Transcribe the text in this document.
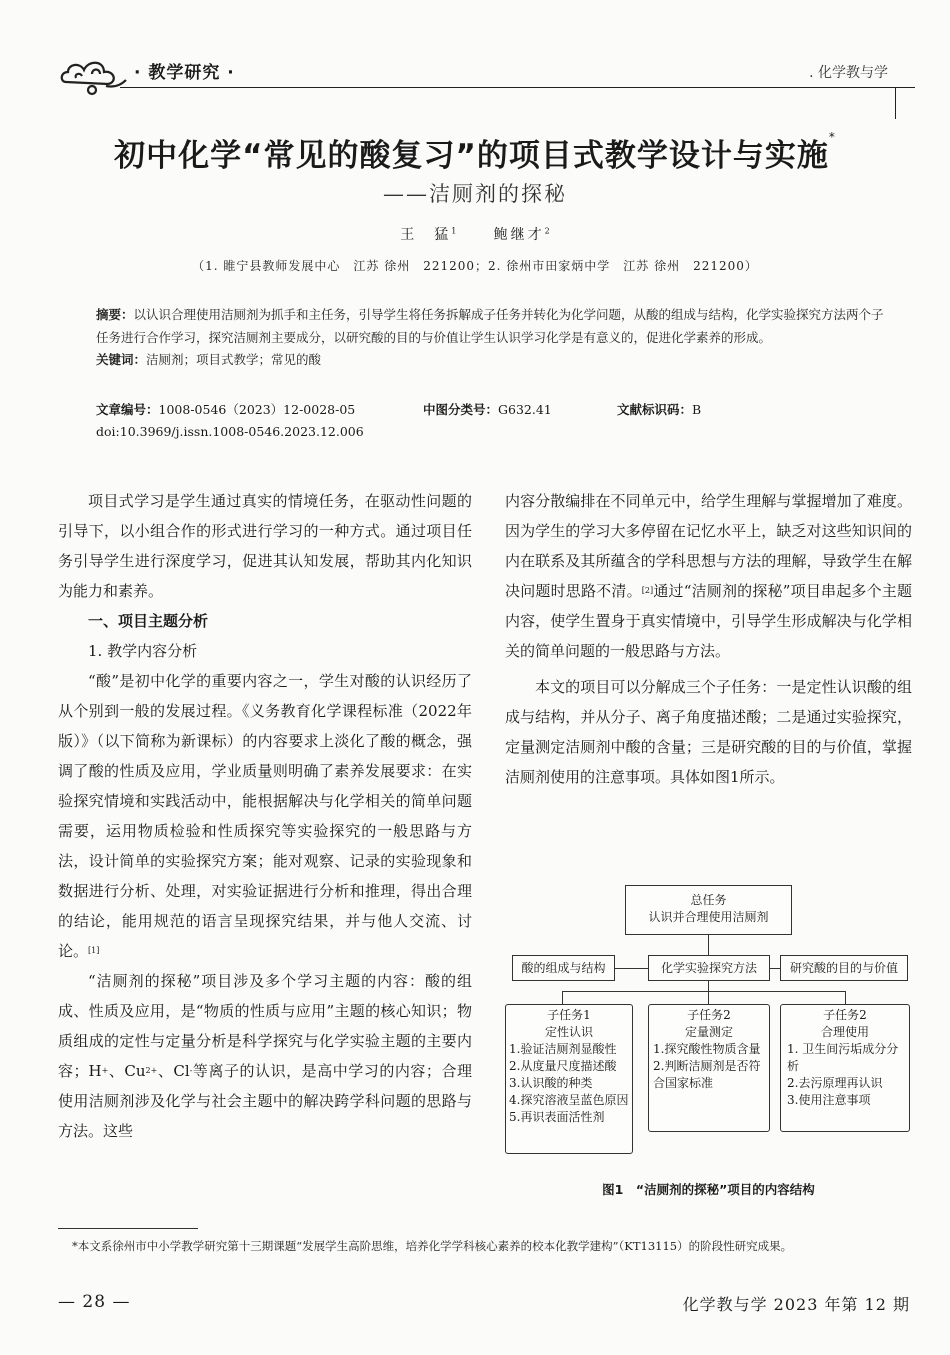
· 教学研究 ·	. 化学教与学
初中化学“常见的酸复习”的项目式教学设计与实施*
——洁厕剂的探秘
王　猛$^1$	鲍继才$^2$
（1. 睢宁县教师发展中心　江苏 徐州　221200；2. 徐州市田家炳中学　江苏 徐州　221200）
摘要：以认识合理使用洁厕剂为抓手和主任务，引导学生将任务拆解成子任务并转化为化学问题，从酸的组成与结构，化学实验探究方法两个子任务进行合作学习，探究洁厕剂主要成分，以研究酸的目的与价值让学生认识学习化学是有意义的，促进化学素养的形成。
关键词：洁厕剂；项目式教学；常见的酸
文章编号：1008-0546（2023）12-0028-05	中图分类号：G632.41	文献标识码：B
doi:10.3969/j.issn.1008-0546.2023.12.006

项目式学习是学生通过真实的情境任务，在驱动性问题的引导下，以小组合作的形式进行学习的一种方式。通过项目任务引导学生进行深度学习，促进其认知发展，帮助其内化知识为能力和素养。

一、项目主题分析
1. 教学内容分析

“酸”是初中化学的重要内容之一，学生对酸的认识经历了从个别到一般的发展过程。《义务教育化学课程标准（2022年版）》（以下简称为新课标）的内容要求上淡化了酸的概念，强调了酸的性质及应用，学业质量则明确了素养发展要求：在实验探究情境和实践活动中，能根据解决与化学相关的简单问题需要，运用物质检验和性质探究等实验探究的一般思路与方法，设计简单的实验探究方案；能对观察、记录的实验现象和数据进行分析、处理，对实验证据进行分析和推理，得出合理的结论，能用规范的语言呈现探究结果，并与他人交流、讨论。[1]

“洁厕剂的探秘”项目涉及多个学习主题的内容：酸的组成、性质及应用，是“物质的性质与应用”主题的核心知识；物质组成的定性与定量分析是科学探究与化学实验主题的主要内容；H+、$Cu^{2+}$、Cl-等离子的认识，是高中学习的内容；合理使用洁厕剂涉及化学与社会主题中的解决跨学科问题的思路与方法。这些

内容分散编排在不同单元中，给学生理解与掌握增加了难度。因为学生的学习大多停留在记忆水平上，缺乏对这些知识间的内在联系及其所蕴含的学科思想与方法的理解，导致学生在解决问题时思路不清。[2]通过“洁厕剂的探秘”项目串起多个主题内容，使学生置身于真实情境中，引导学生形成解决与化学相关的简单问题的一般思路与方法。

本文的项目可以分解成三个子任务：一是定性认识酸的组成与结构，并从分子、离子角度描述酸；二是通过实验探究，定量测定洁厕剂中酸的含量；三是研究酸的目的与价值，掌握洁厕剂使用的注意事项。具体如图1所示。

总任务
认识并合理使用洁厕剂
酸的组成与结构	化学实验探究方法	研究酸的目的与价值
子任务1
定性认识
1.验证洁厕剂显酸性
2.从度量尺度描述酸
3.认识酸的种类
4.探究溶液呈蓝色原因
5.再识表面活性剂
子任务2
定量测定
1.探究酸性物质含量
2.判断洁厕剂是否符合国家标准
子任务2
合理使用
1. 卫生间污垢成分分析
2.去污原理再认识
3.使用注意事项
图1　“洁厕剂的探秘”项目的内容结构
*本文系徐州市中小学教学研究第十三期课题“发展学生高阶思维，培养化学学科核心素养的校本化教学建构”（KT13115）的阶段性研究成果。
— 28 —	化学教与学 2023 年第 12 期
